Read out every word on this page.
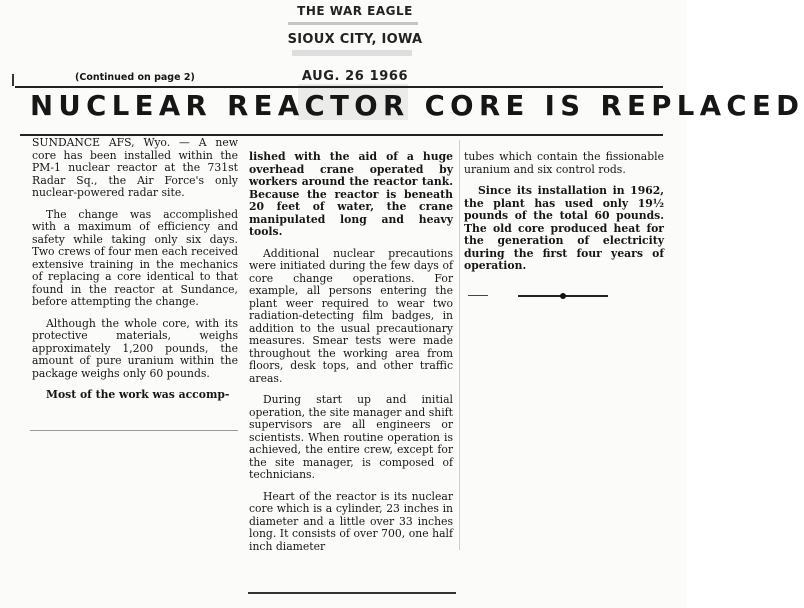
THE WAR EAGLE
SIOUX CITY, IOWA
AUG. 26 1966
(Continued on page 2)
NUCLEAR REACTOR CORE IS REPLACED

SUNDANCE AFS, Wyo. — A new core has been installed within the PM-1 nuclear reactor at the 731st Radar Sq., the Air Force's only nuclear-powered radar site.

The change was accomplished with a maximum of efficiency and safety while taking only six days. Two crews of four men each received extensive training in the mechanics of replacing a core identical to that found in the reactor at Sundance, before attempting the change.

Although the whole core, with its protective materials, weighs approximately 1,200 pounds, the amount of pure uranium within the package weighs only 60 pounds.

Most of the work was accomp-

lished with the aid of a huge overhead crane operated by workers around the reactor tank. Because the reactor is beneath 20 feet of water, the crane manipulated long and heavy tools.

Additional nuclear precautions were initiated during the few days of core change operations. For example, all persons entering the plant weer required to wear two radiation-detecting film badges, in addition to the usual precautionary measures. Smear tests were made throughout the working area from floors, desk tops, and other traffic areas.

During start up and initial operation, the site manager and shift supervisors are all engineers or scientists. When routine operation is achieved, the entire crew, except for the site manager, is composed of technicians.

Heart of the reactor is its nuclear core which is a cylinder, 23 inches in diameter and a little over 33 inches long. It consists of over 700, one half inch diameter

tubes which contain the fissionable uranium and six control rods.

Since its installation in 1962, the plant has used only 19½ pounds of the total 60 pounds. The old core produced heat for the generation of electricity during the first four years of operation.
